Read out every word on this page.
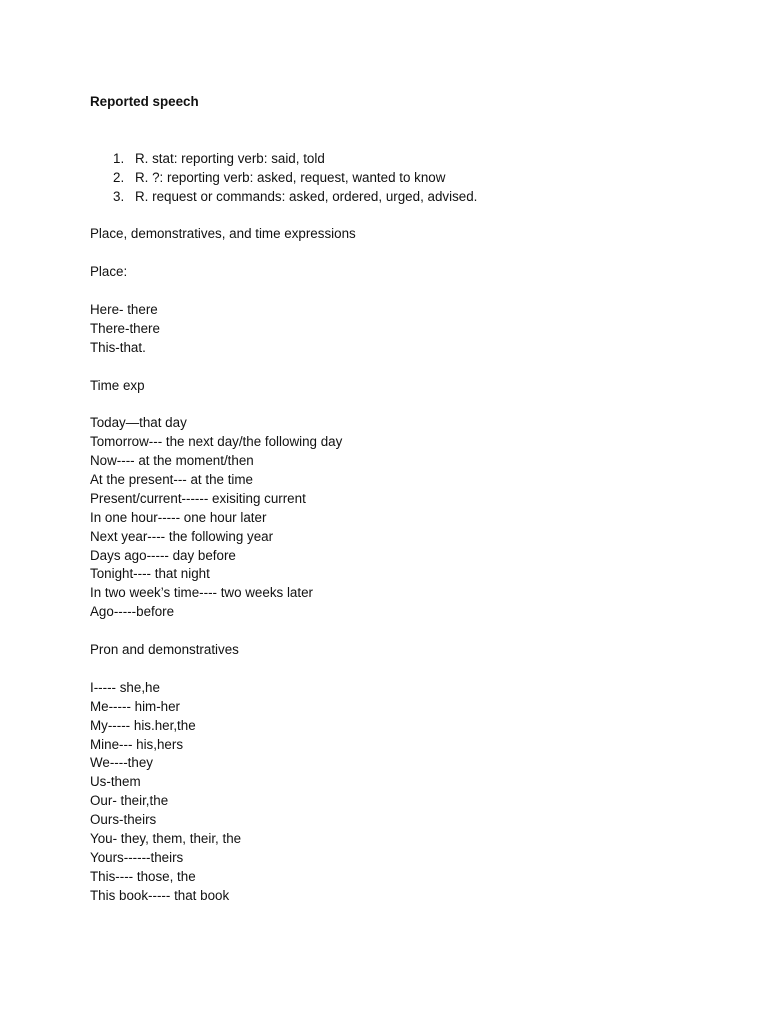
Reported speech
1. R. stat: reporting verb: said, told
2. R. ?: reporting verb: asked, request, wanted to know
3. R. request or commands: asked, ordered, urged, advised.

Place, demonstratives, and time expressions

Place:

Here- there
There-there
This-that.

Time exp

Today—that day
Tomorrow--- the next day/the following day
Now---- at the moment/then
At the present--- at the time
Present/current------ exisiting current
In one hour----- one hour later
Next year---- the following year
Days ago----- day before
Tonight---- that night
In two week’s time---- two weeks later
Ago-----before

Pron and demonstratives

I----- she,he
Me----- him-her
My----- his.her,the
Mine--- his,hers
We----they
Us-them
Our- their,the
Ours-theirs
You- they, them, their, the
Yours------theirs
This---- those, the
This book----- that book
